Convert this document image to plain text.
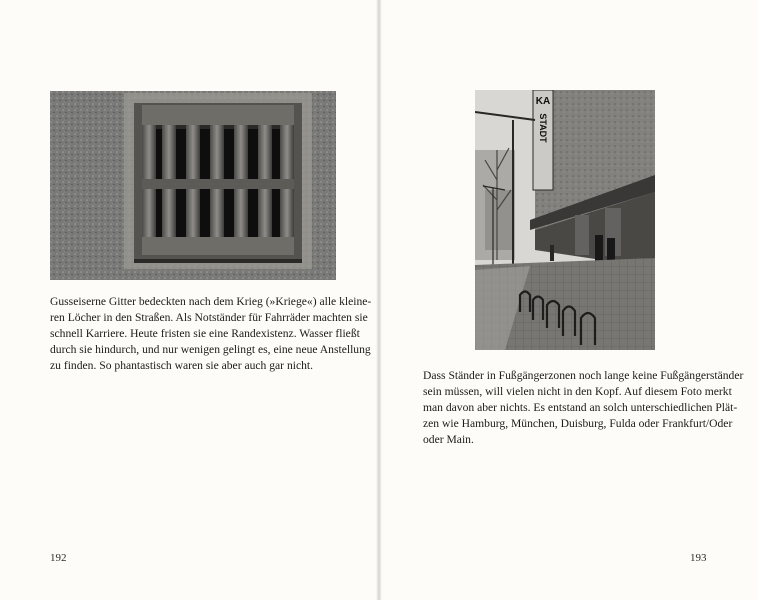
Gusseiserne Gitter bedeckten nach dem Krieg (»Kriege«) alle kleine-
ren Löcher in den Straßen. Als Notständer für Fahrräder machten sie
schnell Karriere. Heute fristen sie eine Randexistenz. Wasser fließt
durch sie hindurch, und nur wenigen gelingt es, eine neue Anstellung
zu finden. So phantastisch waren sie aber auch gar nicht.

KA
STADT

Dass Ständer in Fußgängerzonen noch lange keine Fußgängerständer
sein müssen, will vielen nicht in den Kopf. Auf diesem Foto merkt
man davon aber nichts. Es entstand an solch unterschiedlichen Plät-
zen wie Hamburg, München, Duisburg, Fulda oder Frankfurt/Oder
oder Main.

192	193
